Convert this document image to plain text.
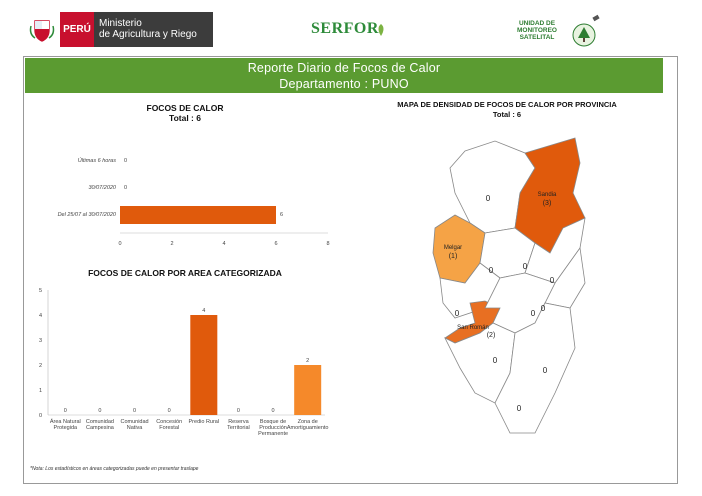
PERÚ
Ministerio
de Agricultura y Riego	SERFOR	UNIDAD DE
MONITOREO
SATELITAL
Reporte Diario de Focos de Calor
Departamento : PUNO
FOCOS DE CALOR
Total : 6
Últimas 6 horas 0
30/07/2020 0
Del 25/07 al 30/07/2020	6
0	2	4	6	8
FOCOS DE CALOR POR AREA CATEGORIZADA
0
1
2
3
4
5
0
Área Natural Protegida
0
Comunidad Campesina
0
Comunidad Nativa
0
Concesión Forestal
4
Predio Rural
0
Reserva Territorial
0
Bosque de Producción Permanente
2
Zona de Amortiguamiento
MAPA DE DENSIDAD DE FOCOS DE CALOR POR PROVINCIA
Total : 6
Sandia
(3)
Melgar
(1)
San Román
(2)
0
0	0
0
0	0
0
0
0
0
*Nota: Los estadísticos en áreas categorizadas puede en presentar traslape
